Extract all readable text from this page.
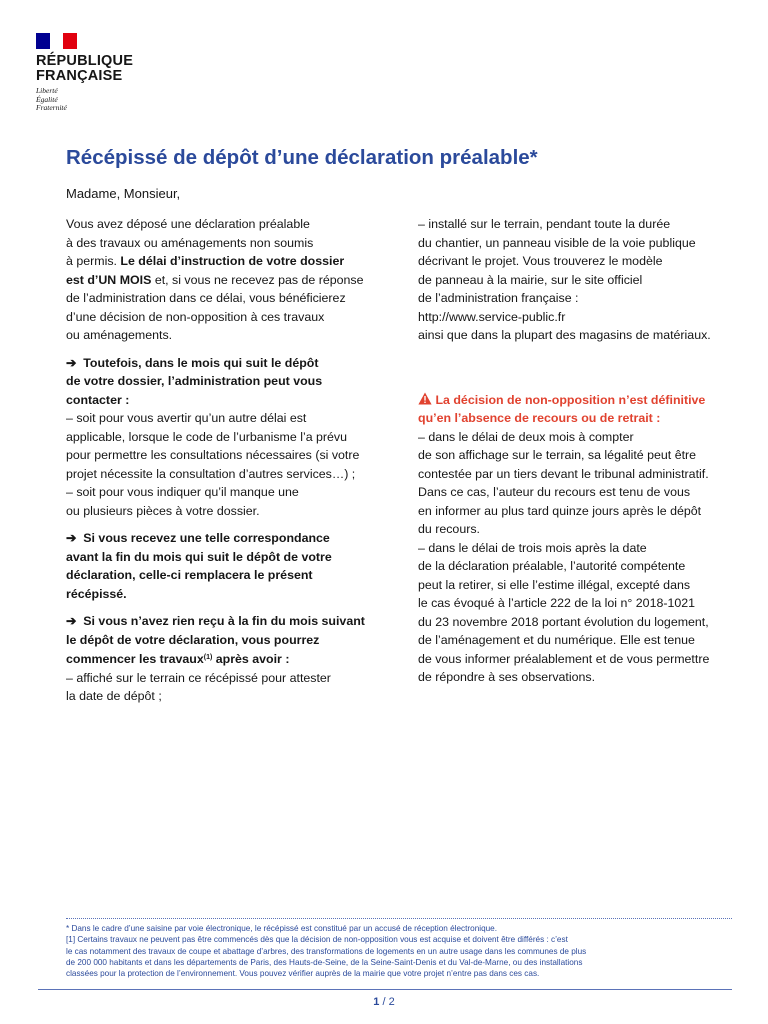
RÉPUBLIQUE
FRANÇAISE
Liberté
Égalité
Fraternité
Récépissé de dépôt d’une déclaration préalable*
Madame, Monsieur,

Vous avez déposé une déclaration préalable
à des travaux ou aménagements non soumis
à permis. Le délai d’instruction de votre dossier
est d’UN MOIS et, si vous ne recevez pas de réponse
de l’administration dans ce délai, vous bénéficierez
d’une décision de non-opposition à ces travaux
ou aménagements.

➔ Toutefois, dans le mois qui suit le dépôt
de votre dossier, l’administration peut vous
contacter :
– soit pour vous avertir qu’un autre délai est
applicable, lorsque le code de l’urbanisme l’a prévu
pour permettre les consultations nécessaires (si votre
projet nécessite la consultation d’autres services…) ;
– soit pour vous indiquer qu’il manque une
ou plusieurs pièces à votre dossier.

➔ Si vous recevez une telle correspondance
avant la fin du mois qui suit le dépôt de votre
déclaration, celle-ci remplacera le présent
récépissé.

➔ Si vous n’avez rien reçu à la fin du mois suivant
le dépôt de votre déclaration, vous pourrez
commencer les travaux$^{(1)}$ après avoir :
– affiché sur le terrain ce récépissé pour attester
la date de dépôt ;

– installé sur le terrain, pendant toute la durée
du chantier, un panneau visible de la voie publique
décrivant le projet. Vous trouverez le modèle
de panneau à la mairie, sur le site officiel
de l’administration française :
http://www.service-public.fr
ainsi que dans la plupart des magasins de matériaux.

La décision de non-opposition n’est définitive
qu’en l’absence de recours ou de retrait :
– dans le délai de deux mois à compter
de son affichage sur le terrain, sa légalité peut être
contestée par un tiers devant le tribunal administratif.
Dans ce cas, l’auteur du recours est tenu de vous
en informer au plus tard quinze jours après le dépôt
du recours.
– dans le délai de trois mois après la date
de la déclaration préalable, l’autorité compétente
peut la retirer, si elle l’estime illégal, excepté dans
le cas évoqué à l’article 222 de la loi n° 2018-1021
du 23 novembre 2018 portant évolution du logement,
de l’aménagement et du numérique. Elle est tenue
de vous informer préalablement et de vous permettre
de répondre à ses observations.

* Dans le cadre d’une saisine par voie électronique, le récépissé est constitué par un accusé de réception électronique.
[1] Certains travaux ne peuvent pas être commencés dès que la décision de non-opposition vous est acquise et doivent être différés : c’est
le cas notamment des travaux de coupe et abattage d’arbres, des transformations de logements en un autre usage dans les communes de plus
de 200 000 habitants et dans les départements de Paris, des Hauts-de-Seine, de la Seine-Saint-Denis et du Val-de-Marne, ou des installations
classées pour la protection de l’environnement. Vous pouvez vérifier auprès de la mairie que votre projet n’entre pas dans ces cas.
1 / 2
